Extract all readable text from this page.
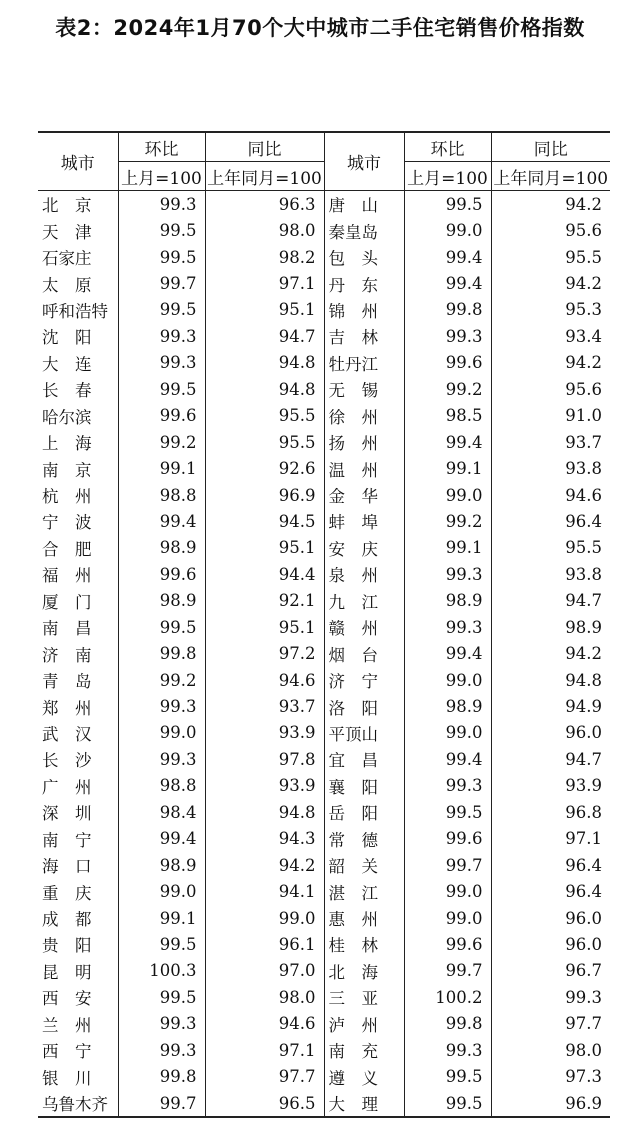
表2：2024年1月70个大中城市二手住宅销售价格指数
城市	环比	同比	城市	环比	同比
	上月=100	上年同月=100		上月=100	上年同月=100
北　京	99.3	96.3	唐　山	99.5	94.2
天　津	99.5	98.0	秦皇岛	99.0	95.6
石家庄	99.5	98.2	包　头	99.4	95.5
太　原	99.7	97.1	丹　东	99.4	94.2
呼和浩特	99.5	95.1	锦　州	99.8	95.3
沈　阳	99.3	94.7	吉　林	99.3	93.4
大　连	99.3	94.8	牡丹江	99.6	94.2
长　春	99.5	94.8	无　锡	99.2	95.6
哈尔滨	99.6	95.5	徐　州	98.5	91.0
上　海	99.2	95.5	扬　州	99.4	93.7
南　京	99.1	92.6	温　州	99.1	93.8
杭　州	98.8	96.9	金　华	99.0	94.6
宁　波	99.4	94.5	蚌　埠	99.2	96.4
合　肥	98.9	95.1	安　庆	99.1	95.5
福　州	99.6	94.4	泉　州	99.3	93.8
厦　门	98.9	92.1	九　江	98.9	94.7
南　昌	99.5	95.1	赣　州	99.3	98.9
济　南	99.8	97.2	烟　台	99.4	94.2
青　岛	99.2	94.6	济　宁	99.0	94.8
郑　州	99.3	93.7	洛　阳	98.9	94.9
武　汉	99.0	93.9	平顶山	99.0	96.0
长　沙	99.3	97.8	宜　昌	99.4	94.7
广　州	98.8	93.9	襄　阳	99.3	93.9
深　圳	98.4	94.8	岳　阳	99.5	96.8
南　宁	99.4	94.3	常　德	99.6	97.1
海　口	98.9	94.2	韶　关	99.7	96.4
重　庆	99.0	94.1	湛　江	99.0	96.4
成　都	99.1	99.0	惠　州	99.0	96.0
贵　阳	99.5	96.1	桂　林	99.6	96.0
昆　明	100.3	97.0	北　海	99.7	96.7
西　安	99.5	98.0	三　亚	100.2	99.3
兰　州	99.3	94.6	泸　州	99.8	97.7
西　宁	99.3	97.1	南　充	99.3	98.0
银　川	99.8	97.7	遵　义	99.5	97.3
乌鲁木齐	99.7	96.5	大　理	99.5	96.9
